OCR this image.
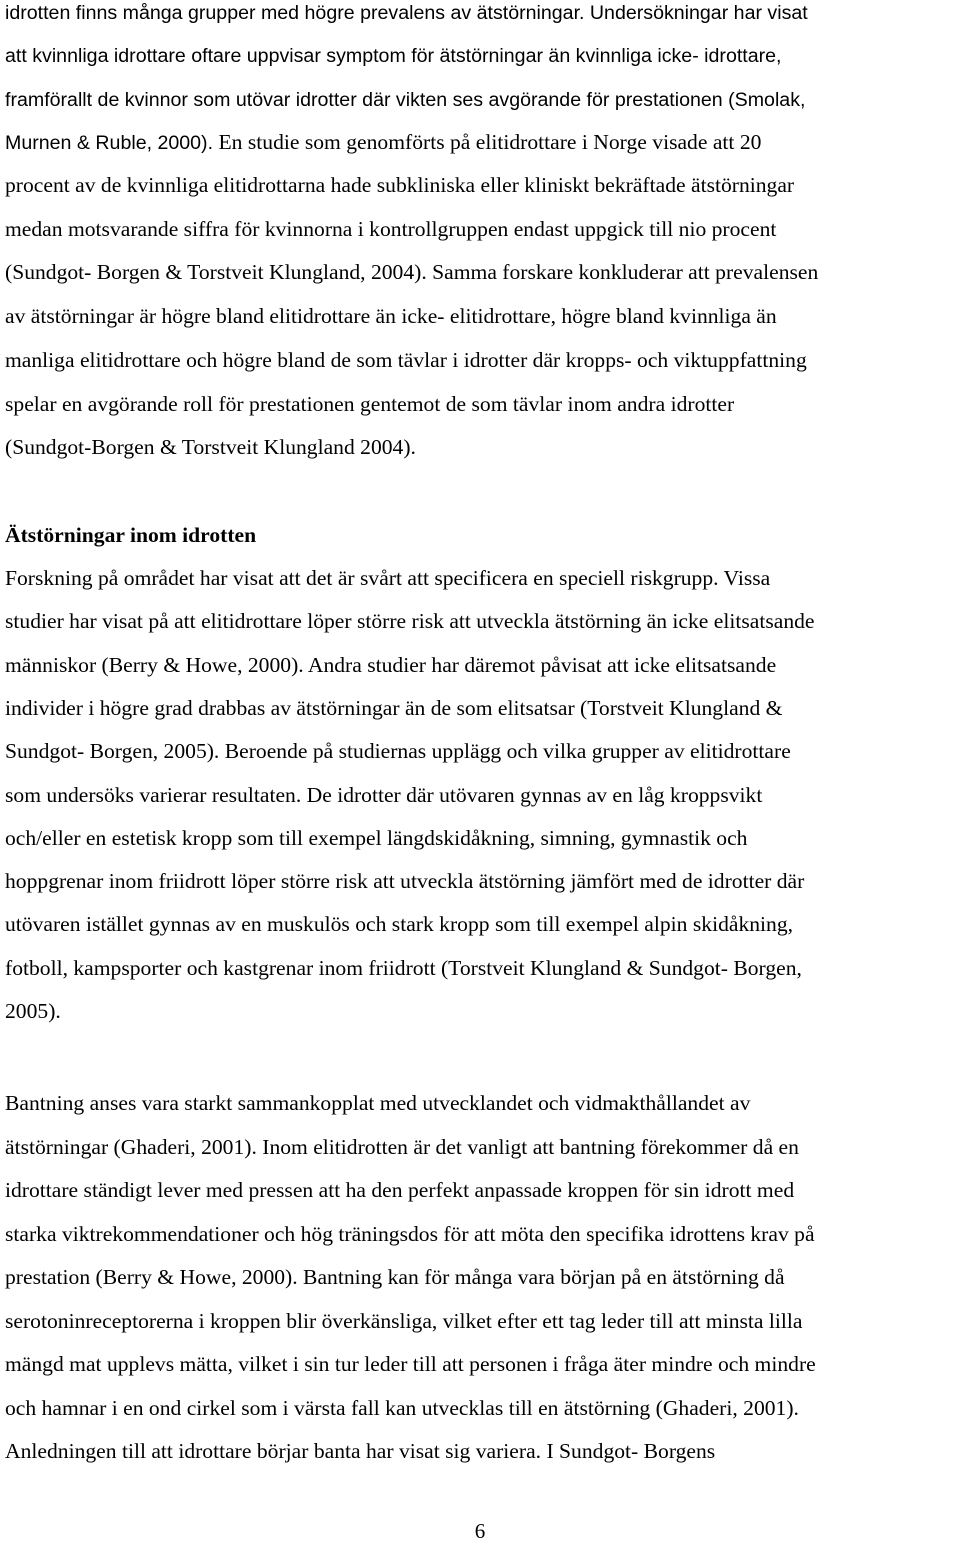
idrotten finns många grupper med högre prevalens av ätstörningar. Undersökningar har visat
att kvinnliga idrottare oftare uppvisar symptom för ätstörningar än kvinnliga icke- idrottare,
framförallt de kvinnor som utövar idrotter där vikten ses avgörande för prestationen (Smolak,
Murnen & Ruble, 2000). En studie som genomförts på elitidrottare i Norge visade att 20
procent av de kvinnliga elitidrottarna hade subkliniska eller kliniskt bekräftade ätstörningar
medan motsvarande siffra för kvinnorna i kontrollgruppen endast uppgick till nio procent
(Sundgot- Borgen & Torstveit Klungland, 2004). Samma forskare konkluderar att prevalensen
av ätstörningar är högre bland elitidrottare än icke- elitidrottare, högre bland kvinnliga än
manliga elitidrottare och högre bland de som tävlar i idrotter där kropps- och viktuppfattning
spelar en avgörande roll för prestationen gentemot de som tävlar inom andra idrotter
(Sundgot-Borgen & Torstveit Klungland 2004).
Ätstörningar inom idrotten
Forskning på området har visat att det är svårt att specificera en speciell riskgrupp. Vissa
studier har visat på att elitidrottare löper större risk att utveckla ätstörning än icke elitsatsande
människor (Berry & Howe, 2000). Andra studier har däremot påvisat att icke elitsatsande
individer i högre grad drabbas av ätstörningar än de som elitsatsar (Torstveit Klungland &
Sundgot- Borgen, 2005). Beroende på studiernas upplägg och vilka grupper av elitidrottare
som undersöks varierar resultaten. De idrotter där utövaren gynnas av en låg kroppsvikt
och/eller en estetisk kropp som till exempel längdskidåkning, simning, gymnastik och
hoppgrenar inom friidrott löper större risk att utveckla ätstörning jämfört med de idrotter där
utövaren istället gynnas av en muskulös och stark kropp som till exempel alpin skidåkning,
fotboll, kampsporter och kastgrenar inom friidrott (Torstveit Klungland & Sundgot- Borgen,
2005).
Bantning anses vara starkt sammankopplat med utvecklandet och vidmakthållandet av
ätstörningar (Ghaderi, 2001). Inom elitidrotten är det vanligt att bantning förekommer då en
idrottare ständigt lever med pressen att ha den perfekt anpassade kroppen för sin idrott med
starka viktrekommendationer och hög träningsdos för att möta den specifika idrottens krav på
prestation (Berry & Howe, 2000). Bantning kan för många vara början på en ätstörning då
serotoninreceptorerna i kroppen blir överkänsliga, vilket efter ett tag leder till att minsta lilla
mängd mat upplevs mätta, vilket i sin tur leder till att personen i fråga äter mindre och mindre
och hamnar i en ond cirkel som i värsta fall kan utvecklas till en ätstörning (Ghaderi, 2001).
Anledningen till att idrottare börjar banta har visat sig variera. I Sundgot- Borgens
6
